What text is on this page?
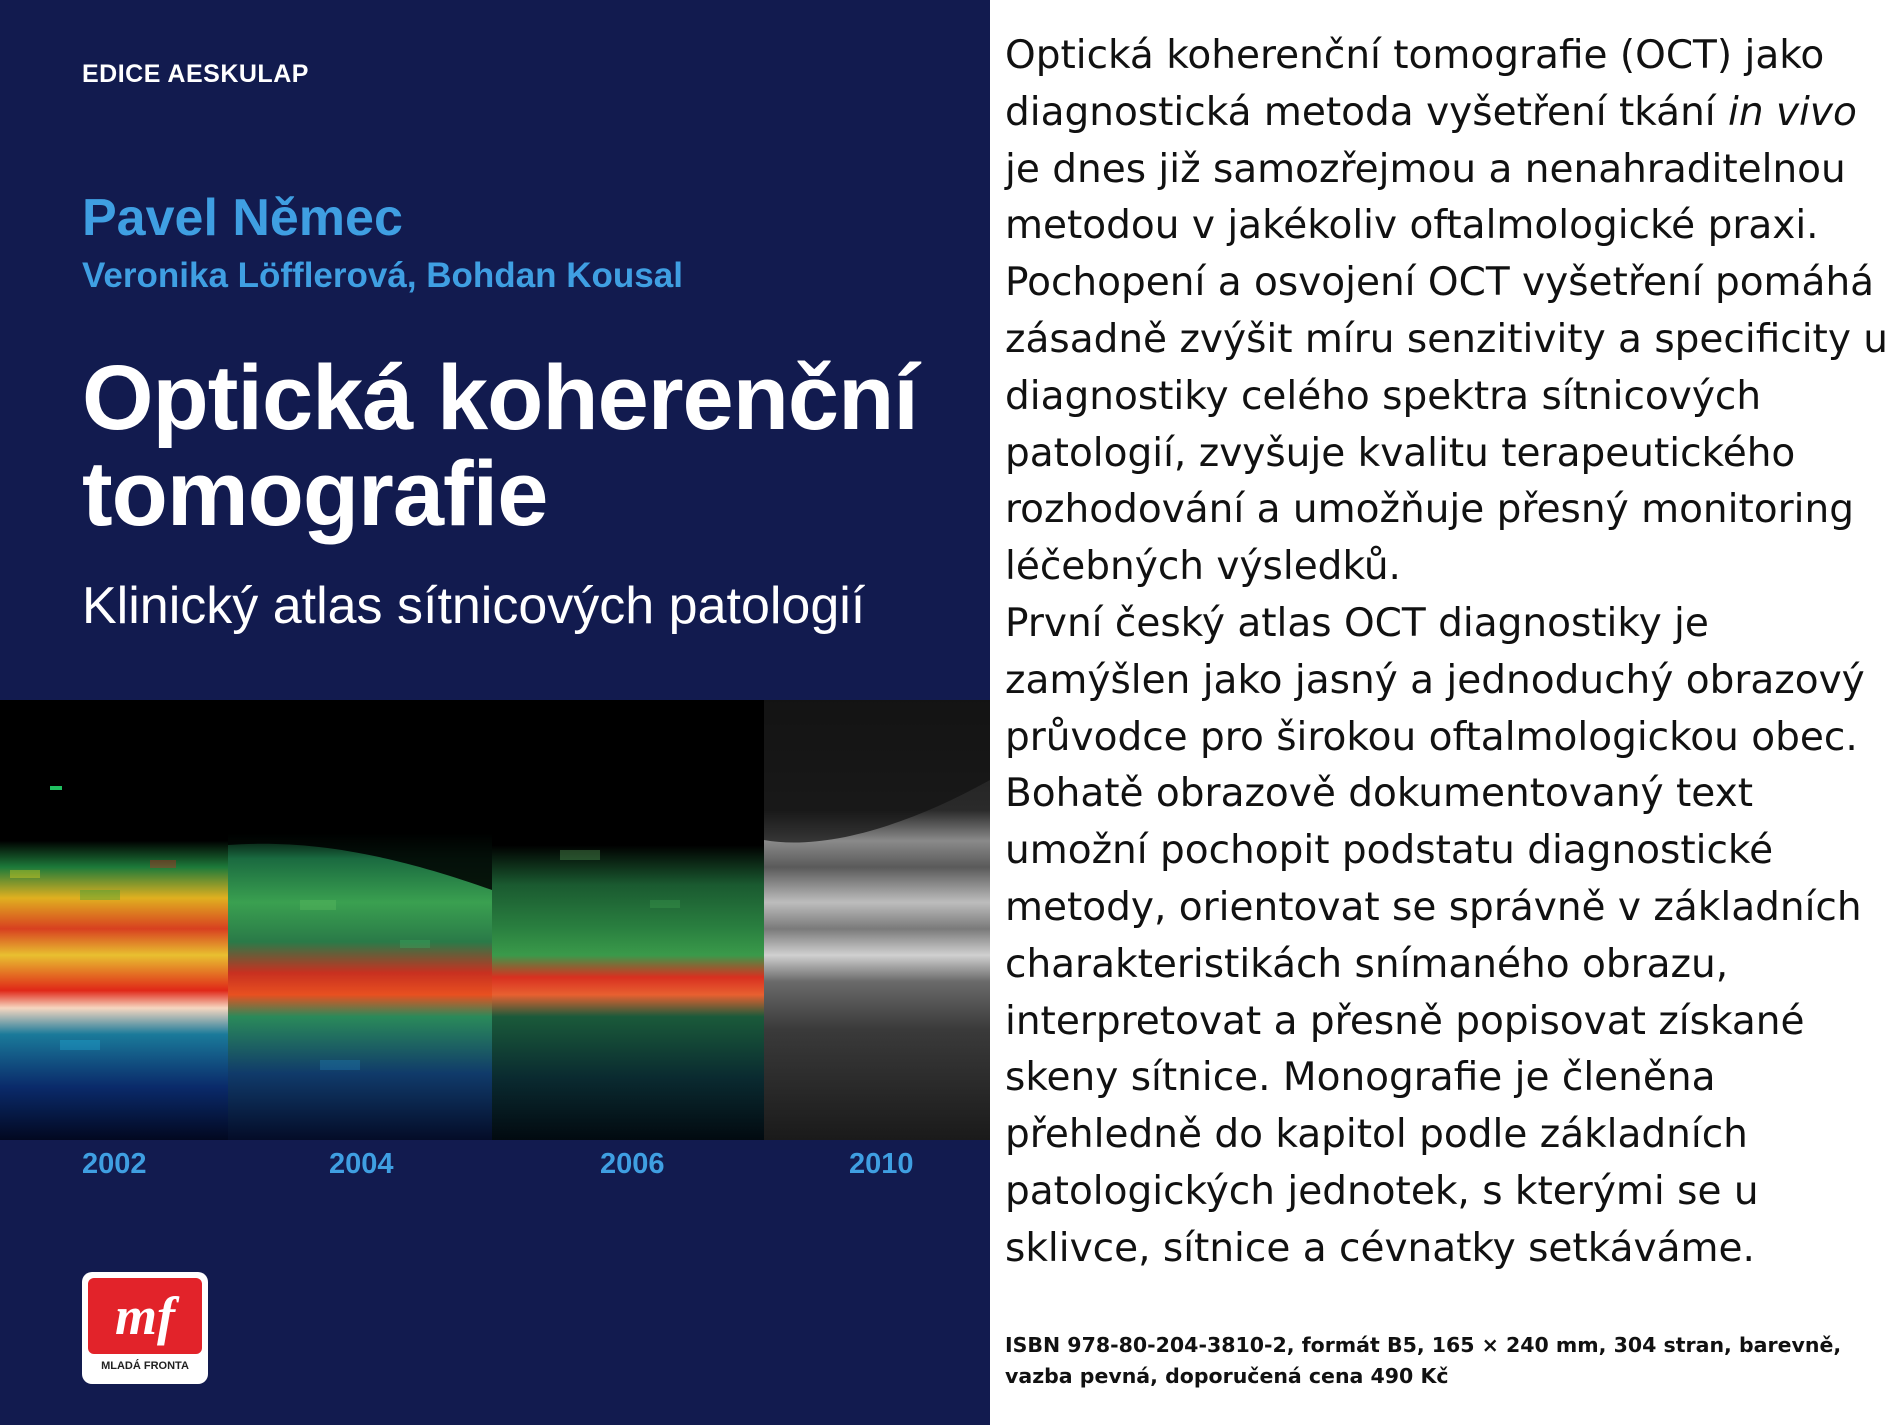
EDICE AESKULAP
Pavel Němec
Veronika Löfflerová, Bohdan Kousal
Optická koherenční
tomografie
Klinický atlas sítnicových patologií
2002	2004	2006	2010
mf
MLADÁ FRONTA

Optická koherenční tomografie (OCT) jako diagnostická metoda vyšetření tkání in vivo je dnes již samozřejmou a nenahraditelnou metodou v jakékoliv oftalmologické praxi.

Pochopení a osvojení OCT vyšetření pomáhá zásadně zvýšit míru senzitivity a specificity u diagnostiky celého spektra sítnicových patologií, zvyšuje kvalitu terapeutického rozhodování a umožňuje přesný monitoring léčebných výsledků.

První český atlas OCT diagnostiky je zamýšlen jako jasný a jednoduchý obrazový průvodce pro širokou oftalmologickou obec. Bohatě obrazově dokumentovaný text umožní pochopit podstatu diagnostické metody, orientovat se správně v základních charakteristikách snímaného obrazu, interpretovat a přesně popisovat získané skeny sítnice. Monografie je členěna přehledně do kapitol podle základních patologických jednotek, s kterými se u sklivce, sítnice a cévnatky setkáváme.

ISBN 978-80-204-3810-2, formát B5, 165 × 240 mm, 304 stran, barevně, vazba pevná, doporučená cena 490 Kč
